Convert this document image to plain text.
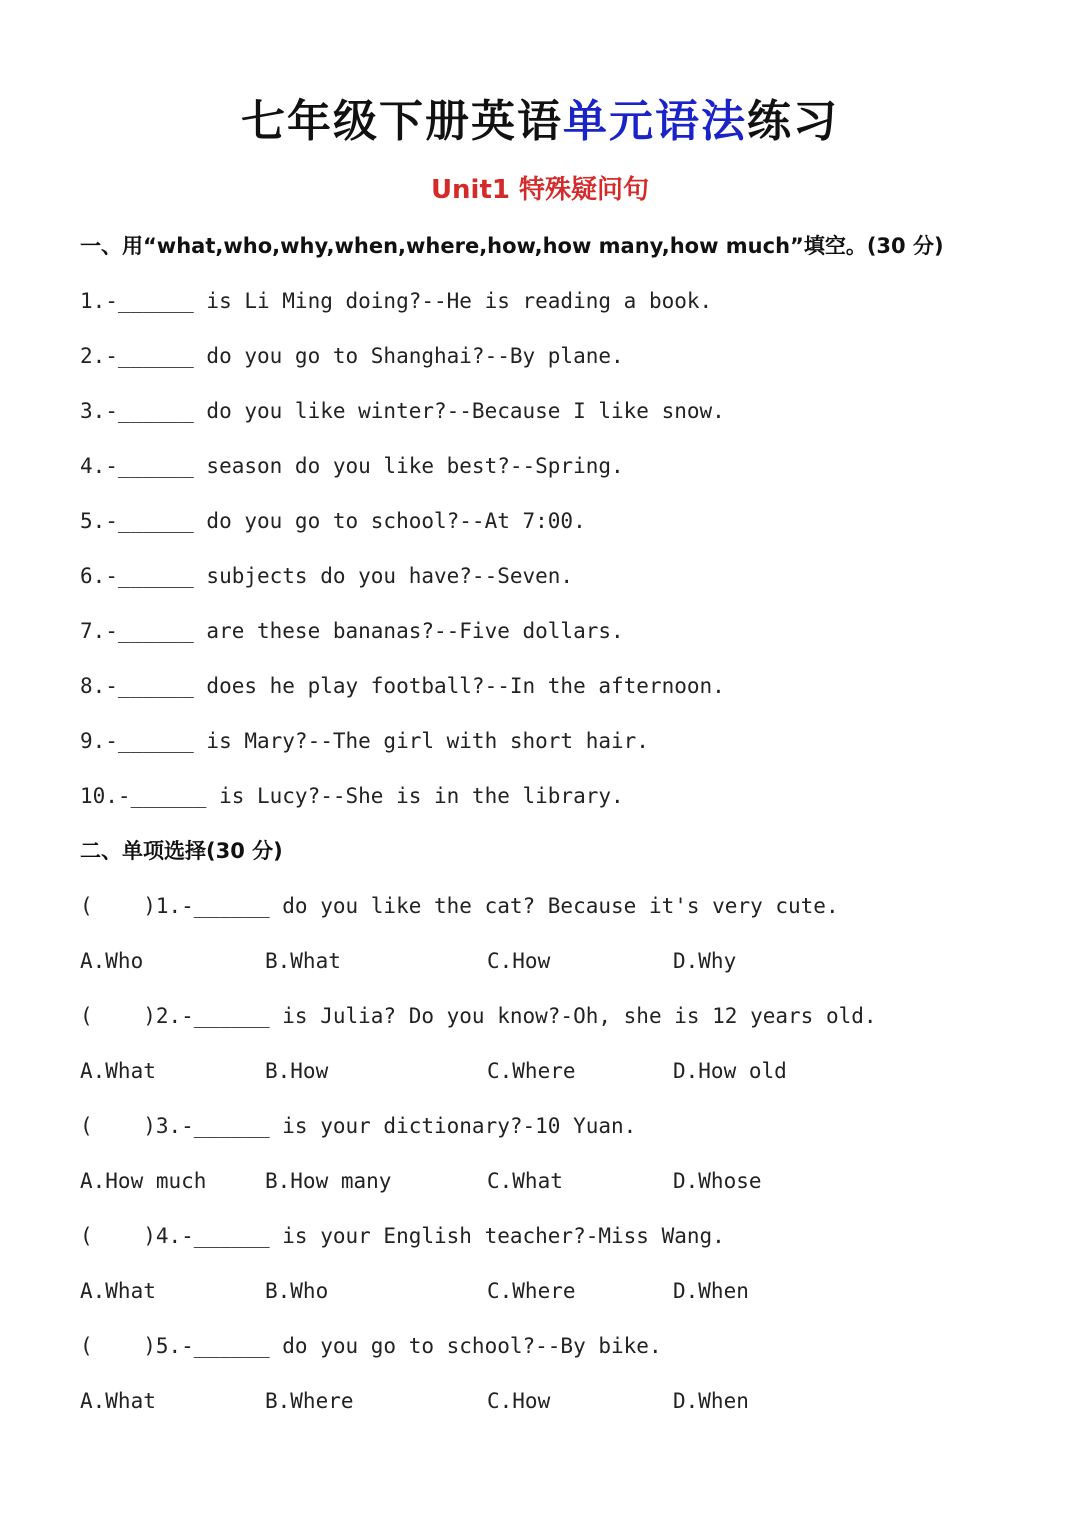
七年级下册英语单元语法练习
Unit1 特殊疑问句
一、用“what,who,why,when,where,how,how many,how much”填空。(30 分)
1.-______ is Li Ming doing?--He is reading a book.
2.-______ do you go to Shanghai?--By plane.
3.-______ do you like winter?--Because I like snow.
4.-______ season do you like best?--Spring.
5.-______ do you go to school?--At 7:00.
6.-______ subjects do you have?--Seven.
7.-______ are these bananas?--Five dollars.
8.-______ does he play football?--In the afternoon.
9.-______ is Mary?--The girl with short hair.
10.-______ is Lucy?--She is in the library.
二、单项选择(30 分)
(    )1.-______ do you like the cat? Because it's very cute.
A.Who	B.What	C.How	D.Why
(    )2.-______ is Julia? Do you know?-Oh, she is 12 years old.
A.What	B.How	C.Where	D.How old
(    )3.-______ is your dictionary?-10 Yuan.
A.How much	B.How many	C.What	D.Whose
(    )4.-______ is your English teacher?-Miss Wang.
A.What	B.Who	C.Where	D.When
(    )5.-______ do you go to school?--By bike.
A.What	B.Where	C.How	D.When
